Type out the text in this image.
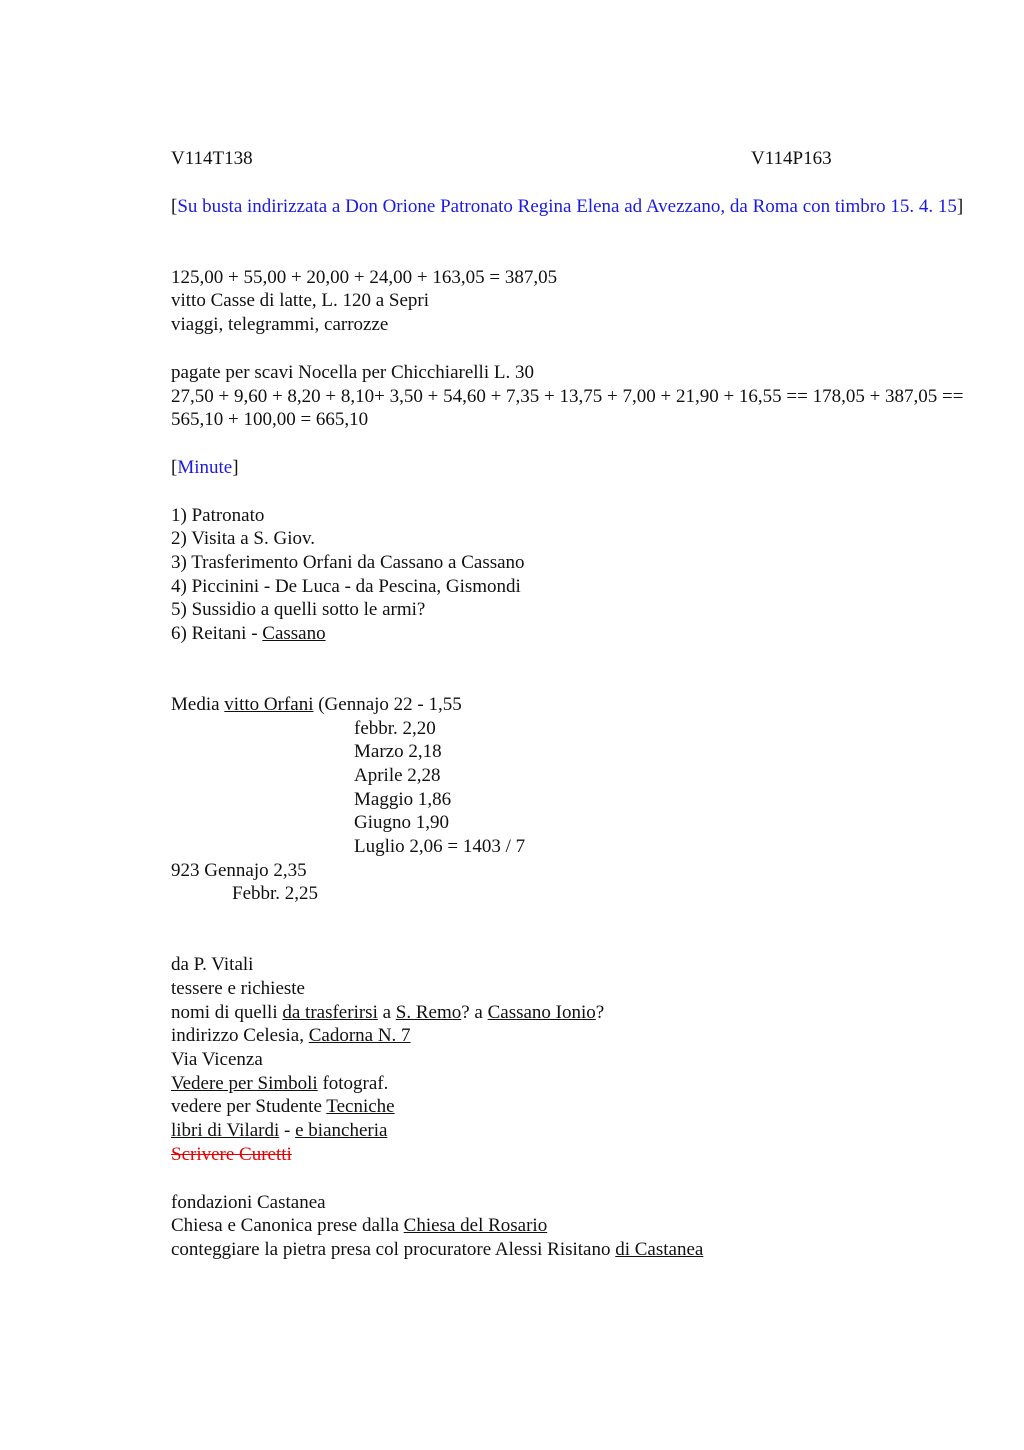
V114T138	V114P163
[Su busta indirizzata a Don Orione Patronato Regina Elena ad Avezzano, da Roma con timbro 15. 4. 15]
125,00 + 55,00 + 20,00 + 24,00 + 163,05 = 387,05
vitto Casse di latte, L. 120 a Sepri
viaggi, telegrammi, carrozze
pagate per scavi Nocella per Chicchiarelli L. 30
27,50 + 9,60 + 8,20 + 8,10+ 3,50 + 54,60 + 7,35 + 13,75 + 7,00 + 21,90 + 16,55 == 178,05 + 387,05 == 565,10 + 100,00 = 665,10
[Minute]
1) Patronato
2) Visita a S. Giov.
3) Trasferimento Orfani da Cassano a Cassano
4) Piccinini - De Luca - da Pescina, Gismondi
5) Sussidio a quelli sotto le armi?
6) Reitani - Cassano
Media vitto Orfani (Gennajo 22 - 1,55
febbr. 2,20
Marzo 2,18
Aprile 2,28
Maggio 1,86
Giugno 1,90
Luglio 2,06 = 1403 / 7
923 Gennajo 2,35
Febbr. 2,25
da P. Vitali
tessere e richieste
nomi di quelli da trasferirsi a S. Remo? a Cassano Ionio?
indirizzo Celesia, Cadorna N. 7
Via Vicenza
Vedere per Simboli fotograf.
vedere per Studente Tecniche
libri di Vilardi - e biancheria
Scrivere Curetti
fondazioni Castanea
Chiesa e Canonica prese dalla Chiesa del Rosario
conteggiare la pietra presa col procuratore Alessi Risitano di Castanea
